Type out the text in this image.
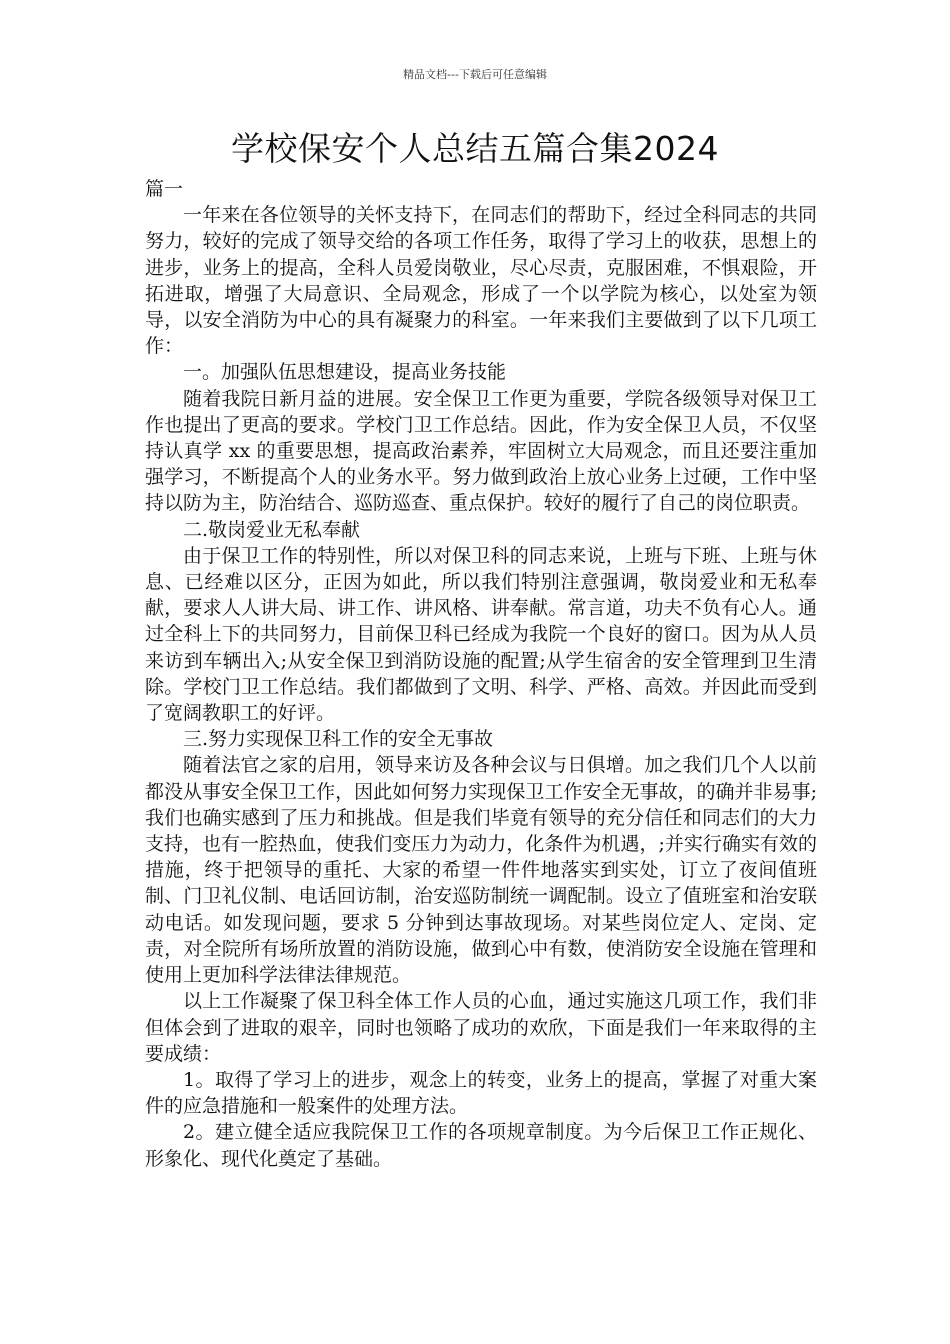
精品文档---下载后可任意编辑
学校保安个人总结五篇合集2024

篇一

一年来在各位领导的关怀支持下，在同志们的帮助下，经过全科同志的共同努力，较好的完成了领导交给的各项工作任务，取得了学习上的收获，思想上的进步，业务上的提高，全科人员爱岗敬业，尽心尽责，克服困难，不惧艰险，开拓进取，增强了大局意识、全局观念，形成了一个以学院为核心，以处室为领导，以安全消防为中心的具有凝聚力的科室。一年来我们主要做到了以下几项工作：

一。加强队伍思想建设，提高业务技能

随着我院日新月益的进展。安全保卫工作更为重要，学院各级领导对保卫工作也提出了更高的要求。学校门卫工作总结。因此，作为安全保卫人员，不仅坚持认真学 xx 的重要思想，提高政治素养，牢固树立大局观念，而且还要注重加强学习，不断提高个人的业务水平。努力做到政治上放心业务上过硬，工作中坚持以防为主，防治结合、巡防巡查、重点保护。较好的履行了自己的岗位职责。

二.敬岗爱业无私奉献

由于保卫工作的特别性，所以对保卫科的同志来说，上班与下班、上班与休息、已经难以区分，正因为如此，所以我们特别注意强调，敬岗爱业和无私奉献，要求人人讲大局、讲工作、讲风格、讲奉献。常言道，功夫不负有心人。通过全科上下的共同努力，目前保卫科已经成为我院一个良好的窗口。因为从人员来访到车辆出入;从安全保卫到消防设施的配置;从学生宿舍的安全管理到卫生清除。学校门卫工作总结。我们都做到了文明、科学、严格、高效。并因此而受到了宽阔教职工的好评。

三.努力实现保卫科工作的安全无事故

随着法官之家的启用，领导来访及各种会议与日俱增。加之我们几个人以前都没从事安全保卫工作，因此如何努力实现保卫工作安全无事故，的确并非易事;我们也确实感到了压力和挑战。但是我们毕竟有领导的充分信任和同志们的大力支持，也有一腔热血，使我们变压力为动力，化条件为机遇，;并实行确实有效的措施，终于把领导的重托、大家的希望一件件地落实到实处，订立了夜间值班制、门卫礼仪制、电话回访制，治安巡防制统一调配制。设立了值班室和治安联动电话。如发现问题，要求 5 分钟到达事故现场。对某些岗位定人、定岗、定责，对全院所有场所放置的消防设施，做到心中有数，使消防安全设施在管理和使用上更加科学法律法律规范。

以上工作凝聚了保卫科全体工作人员的心血，通过实施这几项工作，我们非但体会到了进取的艰辛，同时也领略了成功的欢欣，下面是我们一年来取得的主要成绩：

1。取得了学习上的进步，观念上的转变，业务上的提高，掌握了对重大案件的应急措施和一般案件的处理方法。

2。建立健全适应我院保卫工作的各项规章制度。为今后保卫工作正规化、形象化、现代化奠定了基础。
